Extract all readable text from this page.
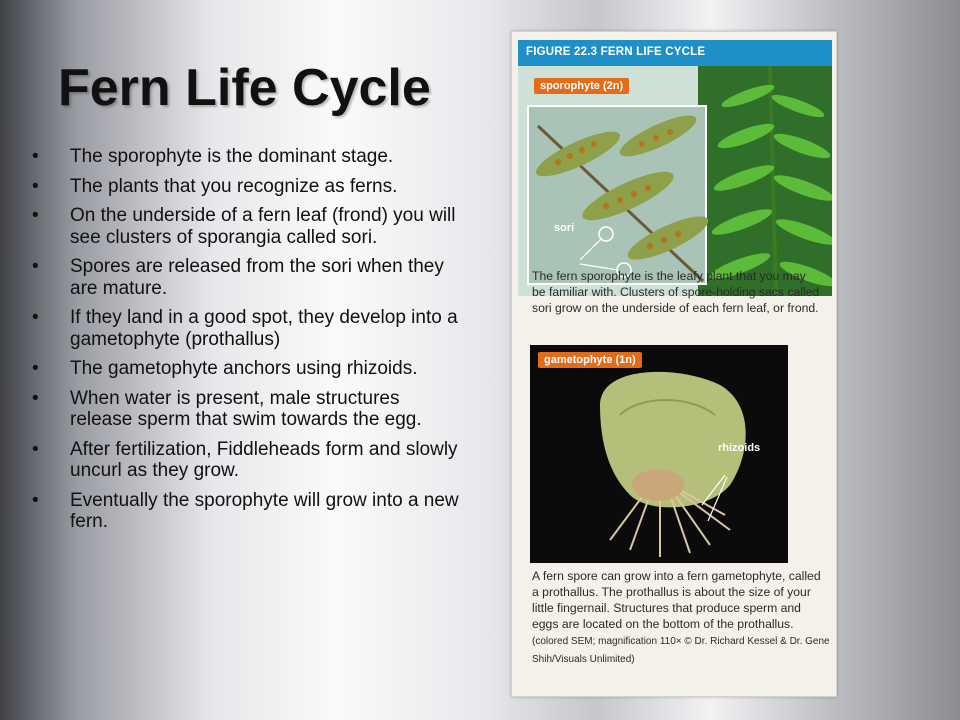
Fern Life Cycle
• The sporophyte is the dominant stage.
• The plants that you recognize as ferns.
• On the underside of a fern leaf (frond) you will see clusters of sporangia called sori.
• Spores are released from the sori when they are mature.
• If they land in a good spot, they develop into a gametophyte (prothallus)
• The gametophyte anchors using rhizoids.
• When water is present, male structures release sperm that swim towards the egg.
• After fertilization, Fiddleheads form and slowly uncurl as they grow.
• Eventually the sporophyte will grow into a new fern.
FIGURE 22.3 FERN LIFE CYCLE
sporophyte (2n)
sori
The fern sporophyte is the leafy plant that you may be familiar with. Clusters of spore-holding sacs called sori grow on the underside of each fern leaf, or frond.
gametophyte (1n)
rhizoids
A fern spore can grow into a fern gametophyte, called a prothallus. The prothallus is about the size of your little fingernail. Structures that produce sperm and eggs are located on the bottom of the prothallus. (colored SEM; magnification 110× © Dr. Richard Kessel & Dr. Gene Shih/Visuals Unlimited)
